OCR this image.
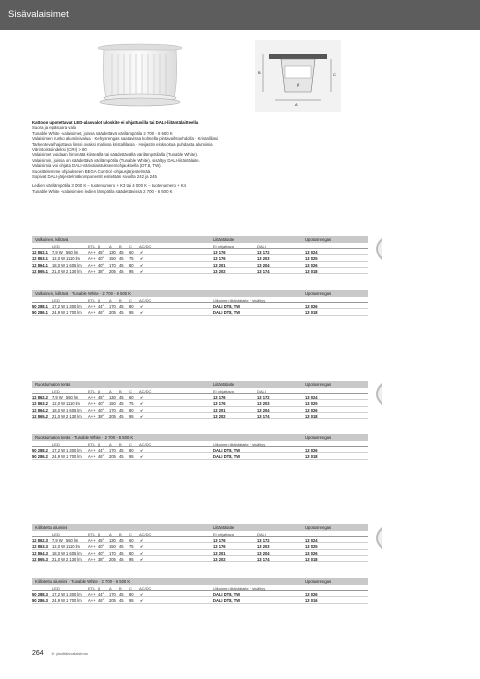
Sisävalaisimet
A
B	C
β

Kattoon upotettavat LED-alasvalot uloskite ei ohjattuvilla tai DALI-liitäntälaitteella

Suora ja epäsuora valo

Tunable White -valaisimet, joissa säädettävä värilämpötila 2 700 - 6 500 K

Valaisimen runko alumiinivalua · Kehysrengas saatavissa kolmella pintavaihtoehdolla · Kristallilasi

Tarkenteva/hajottava linssi ovaksi malissa kristallilasia · Heijastin eloksoitua puhdasta alumiinia

Värintoistoindeksi (CRI) > 80

Valaisimet voidaan himmätä kiinteällä tai säädettävällä värilämpötilalla (Tunable White).

Valaisimin, joissa on säädettävä värilämpötila (Tunable White), sisältyy DALI-liitäntälaite.

Valaisimia voi ohjata DALI-värivalaistukseen/ohjauksella (DT.8, TW).

Suosittelemme ohjaukseen BEGA Control -ohjausjärjestelmää.

Sopivat DALI-järjestelmäkomponentit esitetään sivuilta 242 ja 245

Ledien värilämpötila 3 000 K – tuotenumero + K3 tai 4 000 K – tuotenumero + K4

Tunable White -valaisimien ledien lämpötila säädettävissä 2 700 - 6 500 K

Valkoinen, kiiltävä	Liitäntälaite	Upotusrengas
LED	ETL β A B C AC/DC	Ei ohjattava	DALI
12 862.1 7,9 W 550 lm A++ 45° 130 45 60 ✔	13 176	13 172	13 024
12 863.1 12,0 W 1110 lm A++ 40° 150 45 75 ✔	13 176	13 203	13 025
12 864.1 18,0 W 1 605 lm A++ 40° 170 45 80 ✔	13 201	13 204	13 026
12 865.1 21,0 W 2 130 lm A++ 38° 205 45 95 ✔	13 202	13 174	13 018
Valkoinen, kiiltävä · Tunable White · 2 700 - 6 500 K	Upotusrengas
LED	ETL β A B C AC/DC	Ulkoinen liitäntälaite · sisältyy
50 288.1 17,2 W 1 300 lm A++ 44° 170 45 80 ✔	DALI DT8, TW	13 026
50 286.1 24,9 W 1 700 lm A++ 46° 205 45 95 ✔	DALI DT8, TW	13 018
Ruostumaton teräs	Liitäntälaite	Upotusrengas
LED	ETL β A B C AC/DC	Ei ohjattava	DALI
12 862.2 7,9 W 550 lm A++ 45° 130 45 60 ✔	13 176	13 172	13 024
12 863.2 12,0 W 1110 lm A++ 40° 150 45 75 ✔	13 176	13 203	13 025
12 864.2 18,0 W 1 605 lm A++ 40° 170 45 80 ✔	13 201	13 204	13 026
12 865.2 21,0 W 2 130 lm A++ 38° 205 45 95 ✔	13 202	13 174	13 018
Ruostumaton teräs · Tunable White · 2 700 - 6 500 K	Upotusrengas
LED	ETL β A B C AC/DC	Ulkoinen liitäntälaite · sisältyy
50 288.2 17,2 W 1 300 lm A++ 44° 170 45 80 ✔	DALI DT8, TW	13 026
50 286.2 24,9 W 1 700 lm A++ 46° 205 45 95 ✔	DALI DT8, TW	13 018
Kiillotettu alumiini	Liitäntälaite	Upotusrengas
LED	ETL β A B C AC/DC	Ei ohjattava	DALI
12 862.3 7,9 W 550 lm A++ 45° 130 45 60 ✔	13 176	13 172	13 024
12 863.3 12,0 W 1110 lm A++ 40° 150 45 75 ✔	13 176	13 203	13 025
12 864.3 18,0 W 1 605 lm A++ 40° 170 45 80 ✔	13 201	13 204	13 026
12 865.3 21,0 W 2 130 lm A++ 38° 205 45 95 ✔	13 202	13 174	13 018
Kiillotettu alumiini · Tunable White · 2 700 - 6 500 K	Upotusrengas
LED	ETL β A B C AC/DC	Ulkoinen liitäntälaite · sisältyy
50 288.3 17,2 W 1 300 lm A++ 44° 170 45 80 ✔	DALI DT8, TW	13 026
50 286.3 24,9 W 1 700 lm A++ 46° 205 45 95 ✔	DALI DT8, TW	13 016
264 ⊳ yksittäisvalaisimia
